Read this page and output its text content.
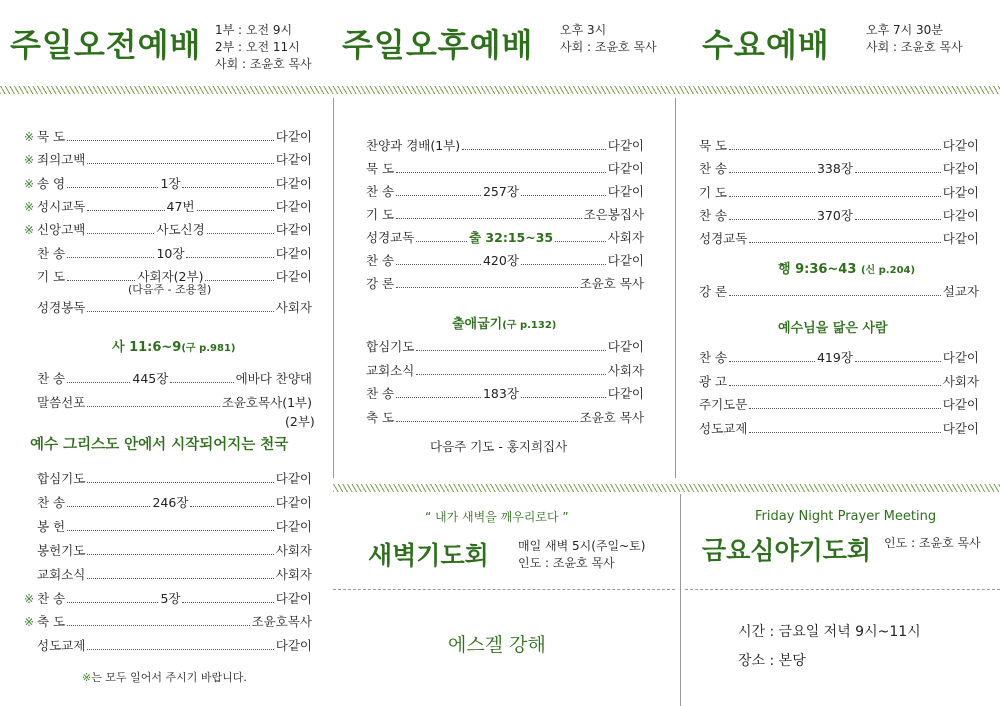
주일오전예배 1부 : 오전 9시
2부 : 오전 11시
사회 : 조윤호 목사 주일오후예배 오후 3시
사회 : 조윤호 목사 수요예배	오후 7시 30분
사회 : 조윤호 목사
※ 묵 도	다같이
※ 죄의고백	다같이
※ 송 영	1장	다같이
※ 성시교독	47번	다같이
※ 신앙고백	사도신경	다같이
찬 송	10장	다같이
기 도	사회자(2부)	다같이
(다음주 - 조용철)
성경봉독	사회자
사 11:6~9(구 p.981)
찬 송	445장	에바다 찬양대
말씀선포	조윤호목사(1부)
(2부)
예수 그리스도 안에서 시작되어지는 천국
합심기도	다같이
찬 송	246장	다같이
봉 헌	다같이
봉헌기도	사회자
교회소식	사회자
※ 찬 송	5장	다같이
※ 축 도	조윤호목사
성도교제	다같이
※는 모두 일어서 주시기 바랍니다.
찬양과 경배(1부)	다같이
묵 도	다같이
찬 송	257장	다같이
기 도	조은봉집사
성경교독	출 32:15~35	사회자
찬 송	420장	다같이
강 론	조윤호 목사
출애굽기(구 p.132)
합심기도	다같이
교회소식	사회자
찬 송	183장	다같이
축 도	조윤호 목사
다음주 기도 - 홍지희집사
묵 도	다같이
찬 송	338장	다같이
기 도	다같이
찬 송	370장	다같이
성경교독	다같이
행 9:36~43 (신 p.204)
강 론	설교자
예수님을 닮은 사람
찬 송	419장	다같이
광 고	사회자
주기도문	다같이
성도교제	다같이
“ 내가 새벽을 깨우리로다 ”
새벽기도회 매일 새벽 5시(주일~토)
인도 : 조윤호 목사
에스겔 강해
Friday Night Prayer Meeting
금요심야기도회 인도 : 조윤호 목사
시간 : 금요일 저녁 9시~11시
장소 : 본당
